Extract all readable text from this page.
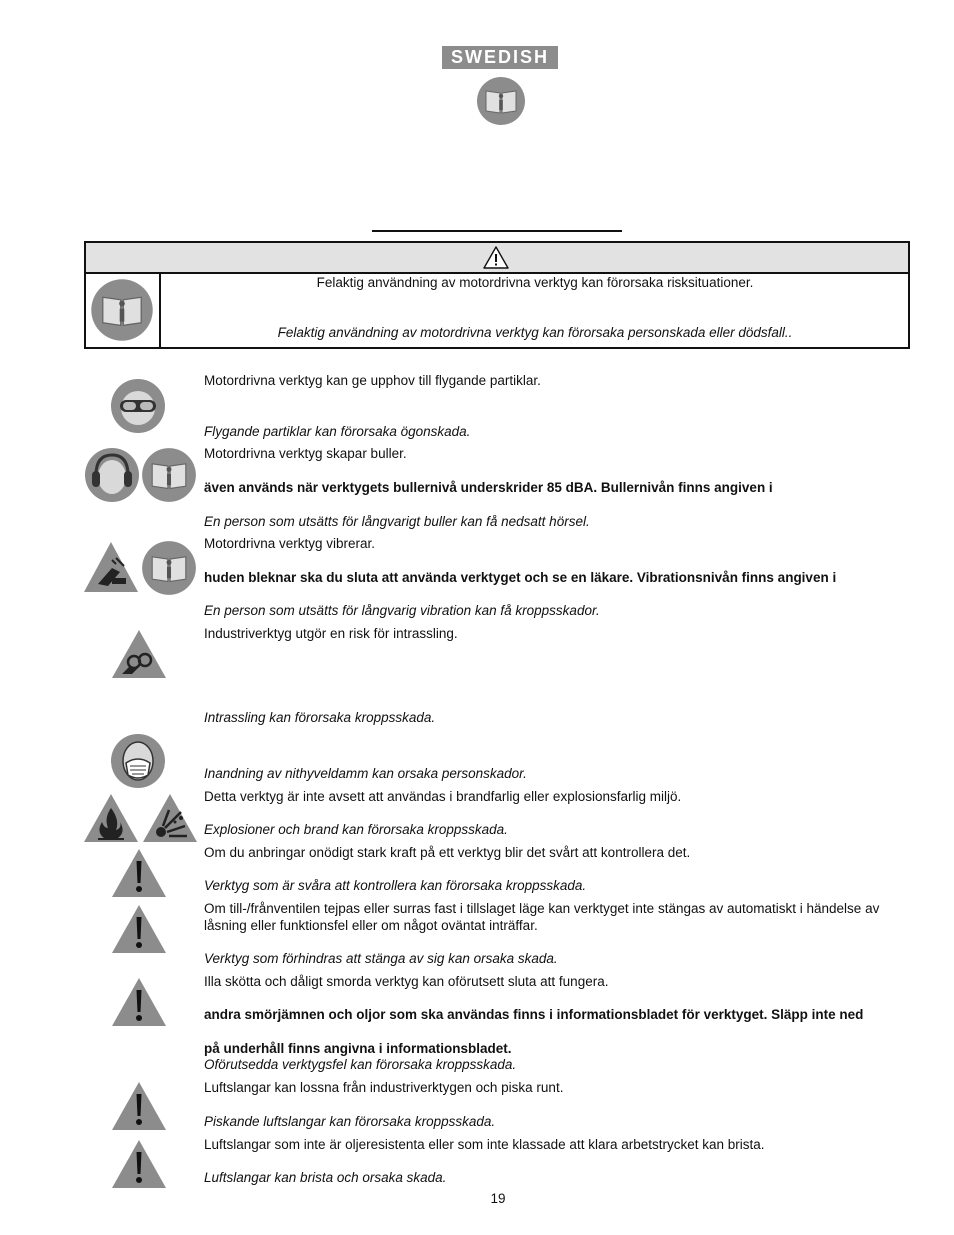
SWEDISH
Felaktig användning av motordrivna verktyg kan förorsaka risksituationer.
Felaktig användning av motordrivna verktyg kan förorsaka personskada eller dödsfall..
Motordrivna verktyg kan ge upphov till flygande partiklar.
Flygande partiklar kan förorsaka ögonskada.
Motordrivna verktyg skapar buller.
även används när verktygets bullernivå underskrider 85 dBA. Bullernivån finns angiven i
En person som utsätts för långvarigt buller kan få nedsatt hörsel.
Motordrivna verktyg vibrerar.
huden bleknar ska du sluta att använda verktyget och se en läkare. Vibrationsnivån finns angiven i
En person som utsätts för långvarig vibration kan få kroppsskador.
Industriverktyg utgör en risk för intrassling.
Intrassling kan förorsaka kroppsskada.
Inandning av nithyveldamm kan orsaka personskador.
Detta verktyg är inte avsett att användas i brandfarlig eller explosionsfarlig miljö.
Explosioner och brand kan förorsaka kroppsskada.
Om du anbringar onödigt stark kraft på ett verktyg blir det svårt att kontrollera det.
Verktyg som är svåra att kontrollera kan förorsaka kroppsskada.
Om till-/frånventilen tejpas eller surras fast i tillslaget läge kan verktyget inte stängas av automatiskt i händelse av
låsning eller funktionsfel eller om något oväntat inträffar.
Verktyg som förhindras att stänga av sig kan orsaka skada.
Illa skötta och dåligt smorda verktyg kan oförutsett sluta att fungera.
andra smörjämnen och oljor som ska användas finns i informationsbladet för verktyget. Släpp inte ned
på underhåll finns angivna i informationsbladet.
Oförutsedda verktygsfel kan förorsaka kroppsskada.
Luftslangar kan lossna från industriverktygen och piska runt.
Piskande luftslangar kan förorsaka kroppsskada.
Luftslangar som inte är oljeresistenta eller som inte klassade att klara arbetstrycket kan brista.
Luftslangar kan brista och orsaka skada.
19
